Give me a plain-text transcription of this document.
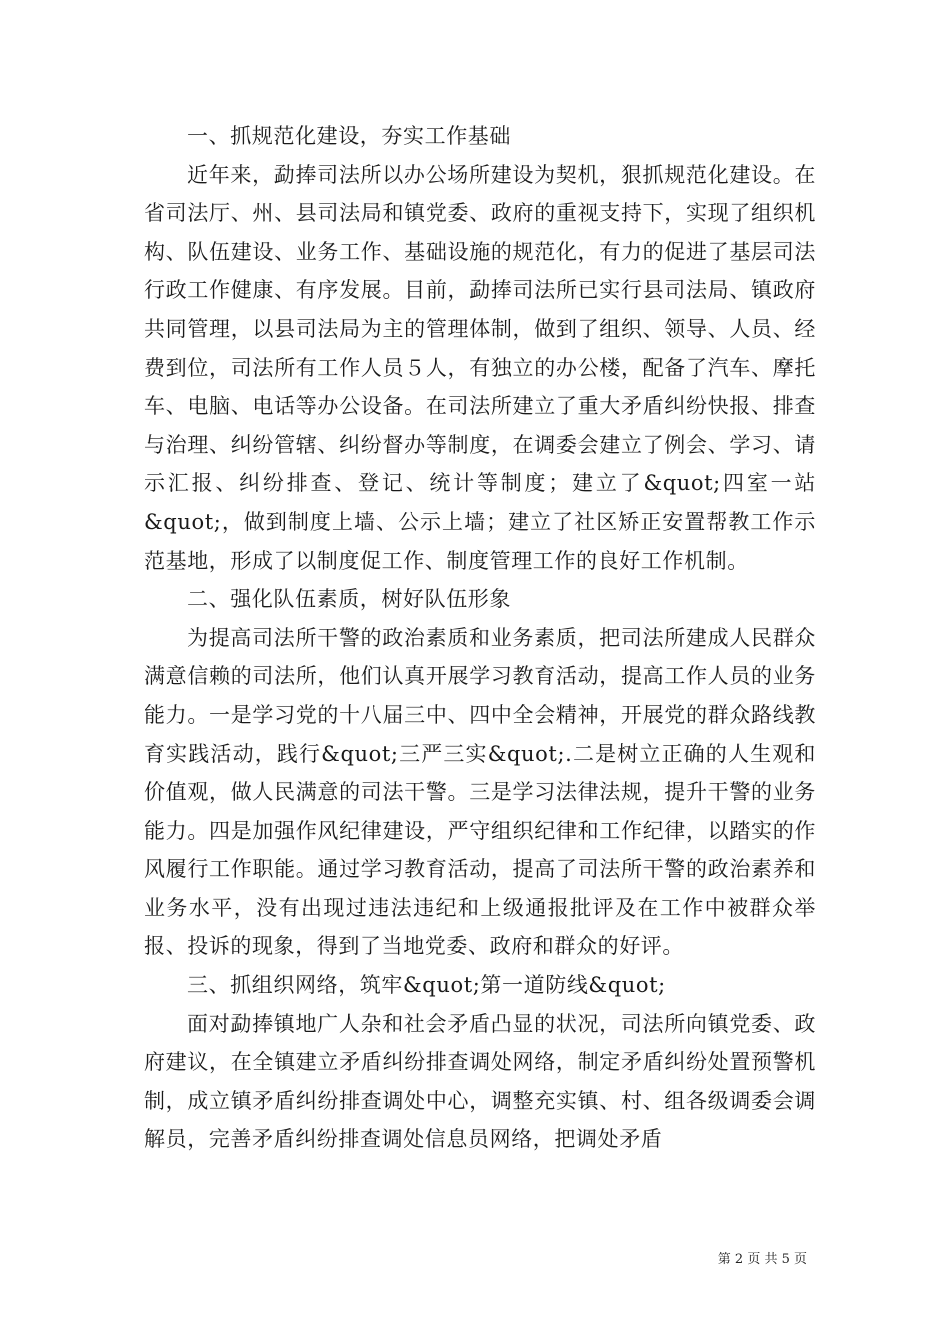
一、抓规范化建设，夯实工作基础

近年来，勐捧司法所以办公场所建设为契机，狠抓规范化建设。在省司法厅、州、县司法局和镇党委、政府的重视支持下，实现了组织机构、队伍建设、业务工作、基础设施的规范化，有力的促进了基层司法行政工作健康、有序发展。目前，勐捧司法所已实行县司法局、镇政府共同管理，以县司法局为主的管理体制，做到了组织、领导、人员、经费到位，司法所有工作人员５人，有独立的办公楼，配备了汽车、摩托车、电脑、电话等办公设备。在司法所建立了重大矛盾纠纷快报、排查与治理、纠纷管辖、纠纷督办等制度，在调委会建立了例会、学习、请示汇报、纠纷排查、登记、统计等制度；建立了&quot;四室一站&quot;，做到制度上墙、公示上墙；建立了社区矫正安置帮教工作示范基地，形成了以制度促工作、制度管理工作的良好工作机制。

二、强化队伍素质，树好队伍形象

为提高司法所干警的政治素质和业务素质，把司法所建成人民群众满意信赖的司法所，他们认真开展学习教育活动，提高工作人员的业务能力。一是学习党的十八届三中、四中全会精神，开展党的群众路线教育实践活动，践行&quot;三严三实&quot;.二是树立正确的人生观和价值观，做人民满意的司法干警。三是学习法律法规，提升干警的业务能力。四是加强作风纪律建设，严守组织纪律和工作纪律，以踏实的作风履行工作职能。通过学习教育活动，提高了司法所干警的政治素养和业务水平，没有出现过违法违纪和上级通报批评及在工作中被群众举报、投诉的现象，得到了当地党委、政府和群众的好评。

三、抓组织网络，筑牢&quot;第一道防线&quot;

面对勐捧镇地广人杂和社会矛盾凸显的状况，司法所向镇党委、政府建议，在全镇建立矛盾纠纷排查调处网络，制定矛盾纠纷处置预警机制，成立镇矛盾纠纷排查调处中心，调整充实镇、村、组各级调委会调解员，完善矛盾纠纷排查调处信息员网络，把调处矛盾

第 2 页 共 5 页
